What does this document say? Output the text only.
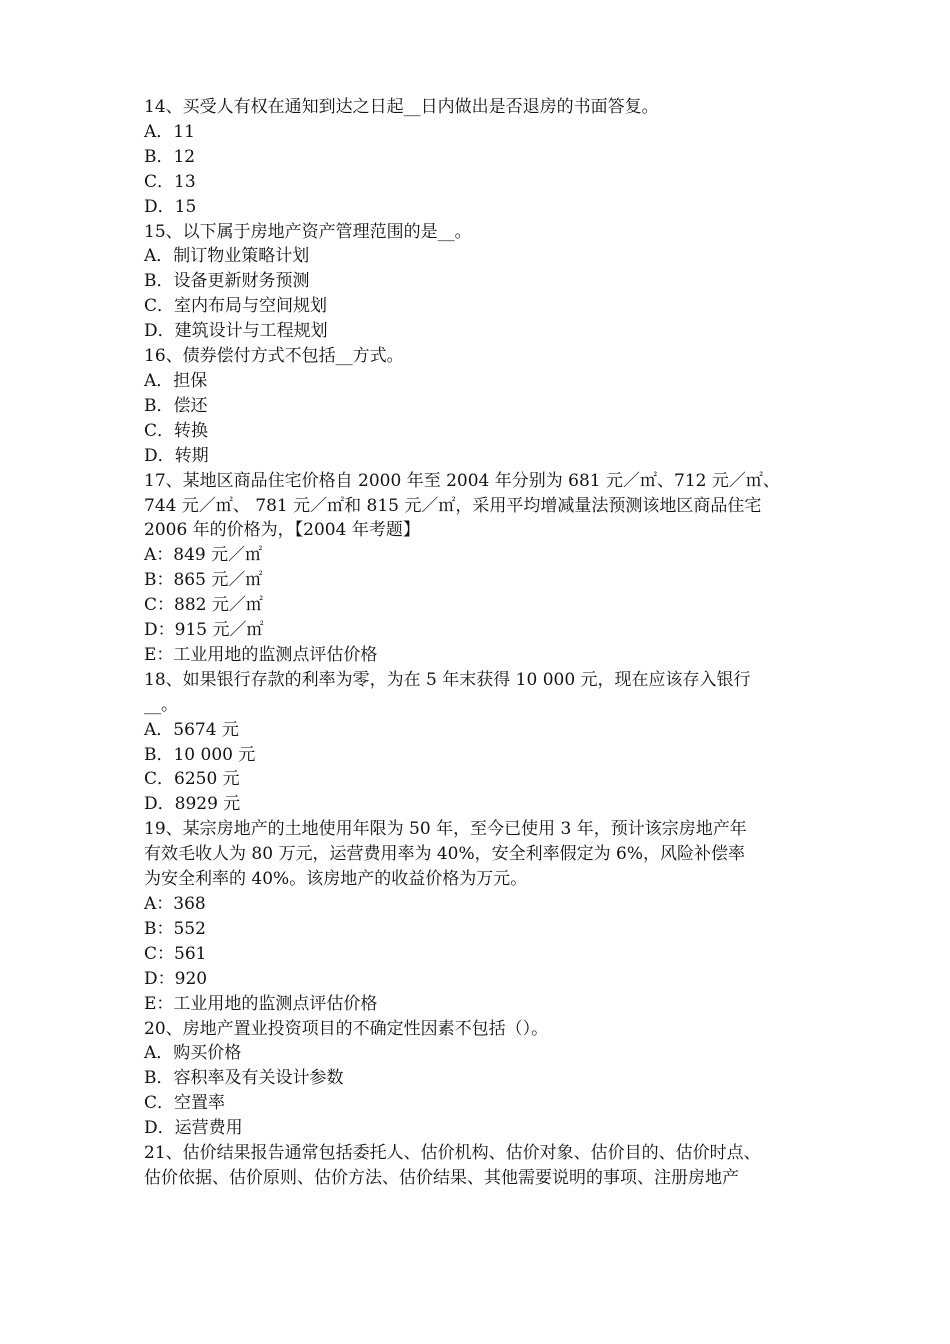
14、买受人有权在通知到达之日起__日内做出是否退房的书面答复。

A．11

B．12

C．13

D．15

15、以下属于房地产资产管理范围的是__。

A．制订物业策略计划

B．设备更新财务预测

C．室内布局与空间规划

D．建筑设计与工程规划

16、债券偿付方式不包括__方式。

A．担保

B．偿还

C．转换

D．转期

17、某地区商品住宅价格自 2000 年至 2004 年分别为 681 元／㎡、712 元／㎡、

744 元／㎡、 781 元／㎡和 815 元／㎡，采用平均增减量法预测该地区商品住宅

2006 年的价格为，【2004 年考题】

A：849 元／㎡

B：865 元／㎡

C：882 元／㎡

D：915 元／㎡

E：工业用地的监测点评估价格

18、如果银行存款的利率为零，为在 5 年末获得 10 000 元，现在应该存入银行

__。

A．5674 元

B．10 000 元

C．6250 元

D．8929 元

19、某宗房地产的土地使用年限为 50 年，至今已使用 3 年，预计该宗房地产年

有效毛收人为 80 万元，运营费用率为 40%，安全利率假定为 6%，风险补偿率

为安全利率的 40%。该房地产的收益价格为万元。

A：368

B：552

C：561

D：920

E：工业用地的监测点评估价格

20、房地产置业投资项目的不确定性因素不包括（）。

A．购买价格

B．容积率及有关设计参数

C．空置率

D．运营费用

21、估价结果报告通常包括委托人、估价机构、估价对象、估价目的、估价时点、

估价依据、估价原则、估价方法、估价结果、其他需要说明的事项、注册房地产
